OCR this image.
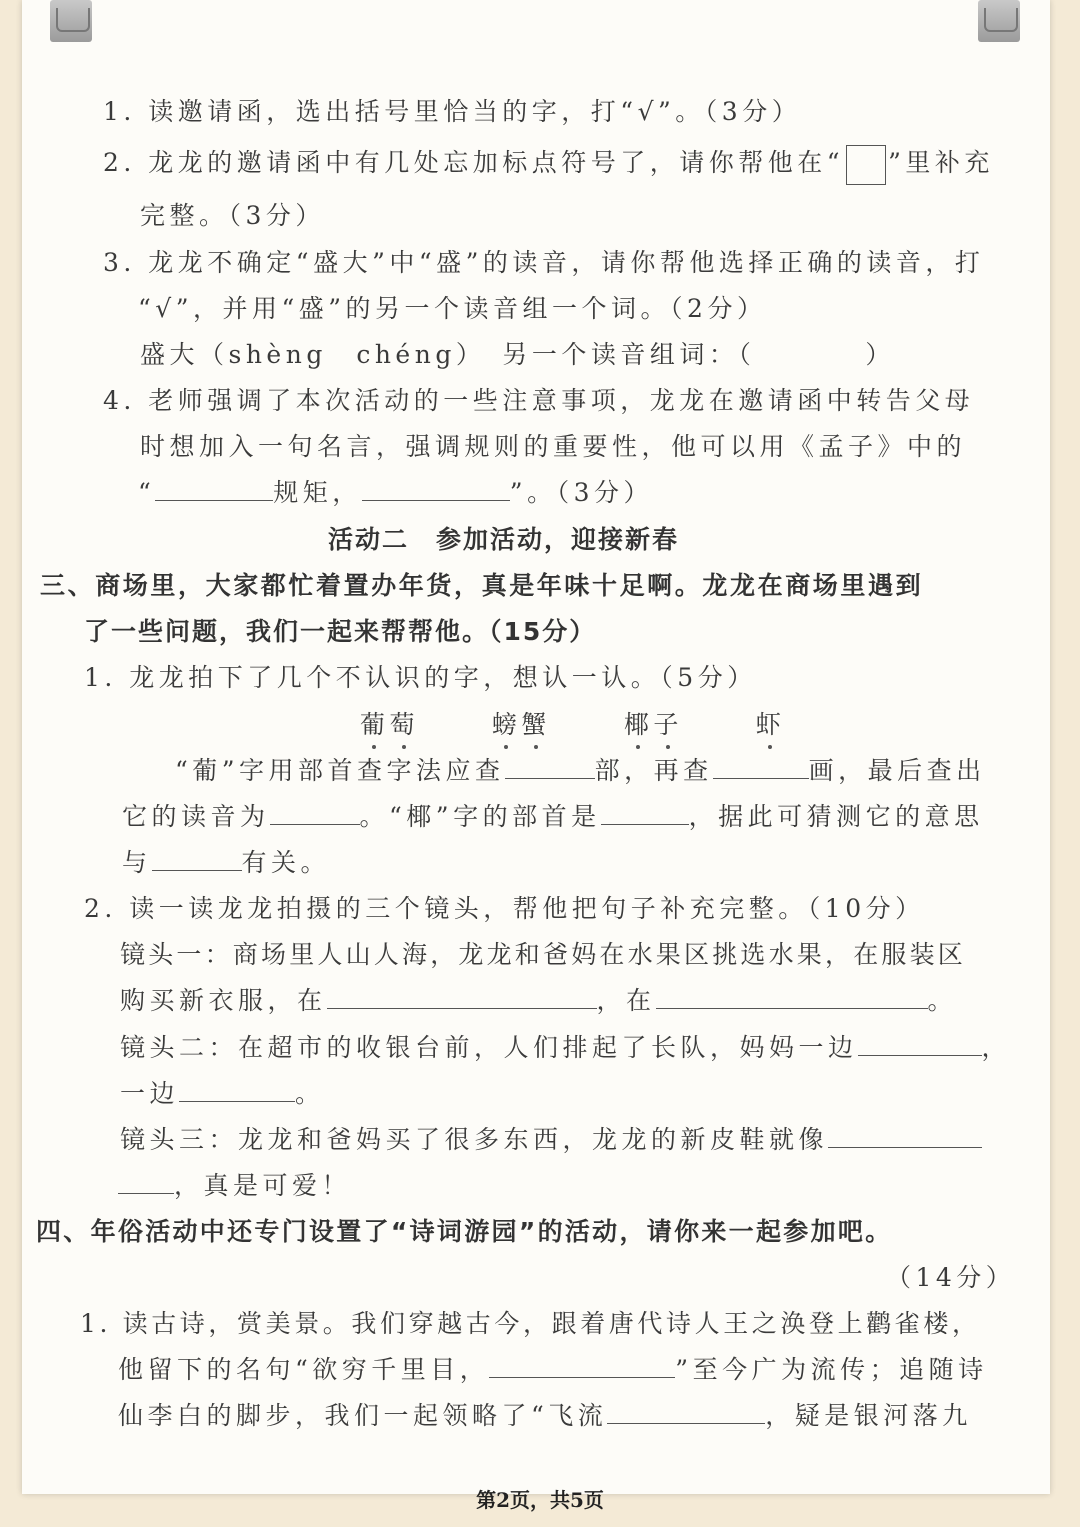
1. 读邀请函，选出括号里恰当的字，打“√”。（3分）
2. 龙龙的邀请函中有几处忘加标点符号了，请你帮他在“ ”里补充
完整。（3分）
3. 龙龙不确定“盛大”中“盛”的读音，请你帮他选择正确的读音，打
“√”，并用“盛”的另一个读音组一个词。（2分）
盛大（shèng　chéng）　另一个读音组词：（	）
4. 老师强调了本次活动的一些注意事项，龙龙在邀请函中转告父母
时想加入一句名言，强调规则的重要性，他可以用《孟子》中的
“	规矩，	”。（3分）
活动二　参加活动，迎接新春
三、商场里，大家都忙着置办年货，真是年味十足啊。龙龙在商场里遇到
了一些问题，我们一起来帮帮他。（15分）
1. 龙龙拍下了几个不认识的字，想认一认。（5分）
葡萄	螃蟹	椰子	虾
“葡”字用部首查字法应查	部，再查	画，最后查出
它的读音为	。“椰”字的部首是	，据此可猜测它的意思
与	有关。
2. 读一读龙龙拍摄的三个镜头，帮他把句子补充完整。（10分）
镜头一：商场里人山人海，龙龙和爸妈在水果区挑选水果，在服装区
购买新衣服，在	，在	。
镜头二：在超市的收银台前，人们排起了长队，妈妈一边	，
一边	。
镜头三：龙龙和爸妈买了很多东西，龙龙的新皮鞋就像
，真是可爱！
四、年俗活动中还专门设置了“诗词游园”的活动，请你来一起参加吧。
（14分）
1. 读古诗，赏美景。我们穿越古今，跟着唐代诗人王之涣登上鹳雀楼，
他留下的名句“欲穷千里目，	”至今广为流传；追随诗
仙李白的脚步，我们一起领略了“飞流	，疑是银河落九
第2页，共5页
